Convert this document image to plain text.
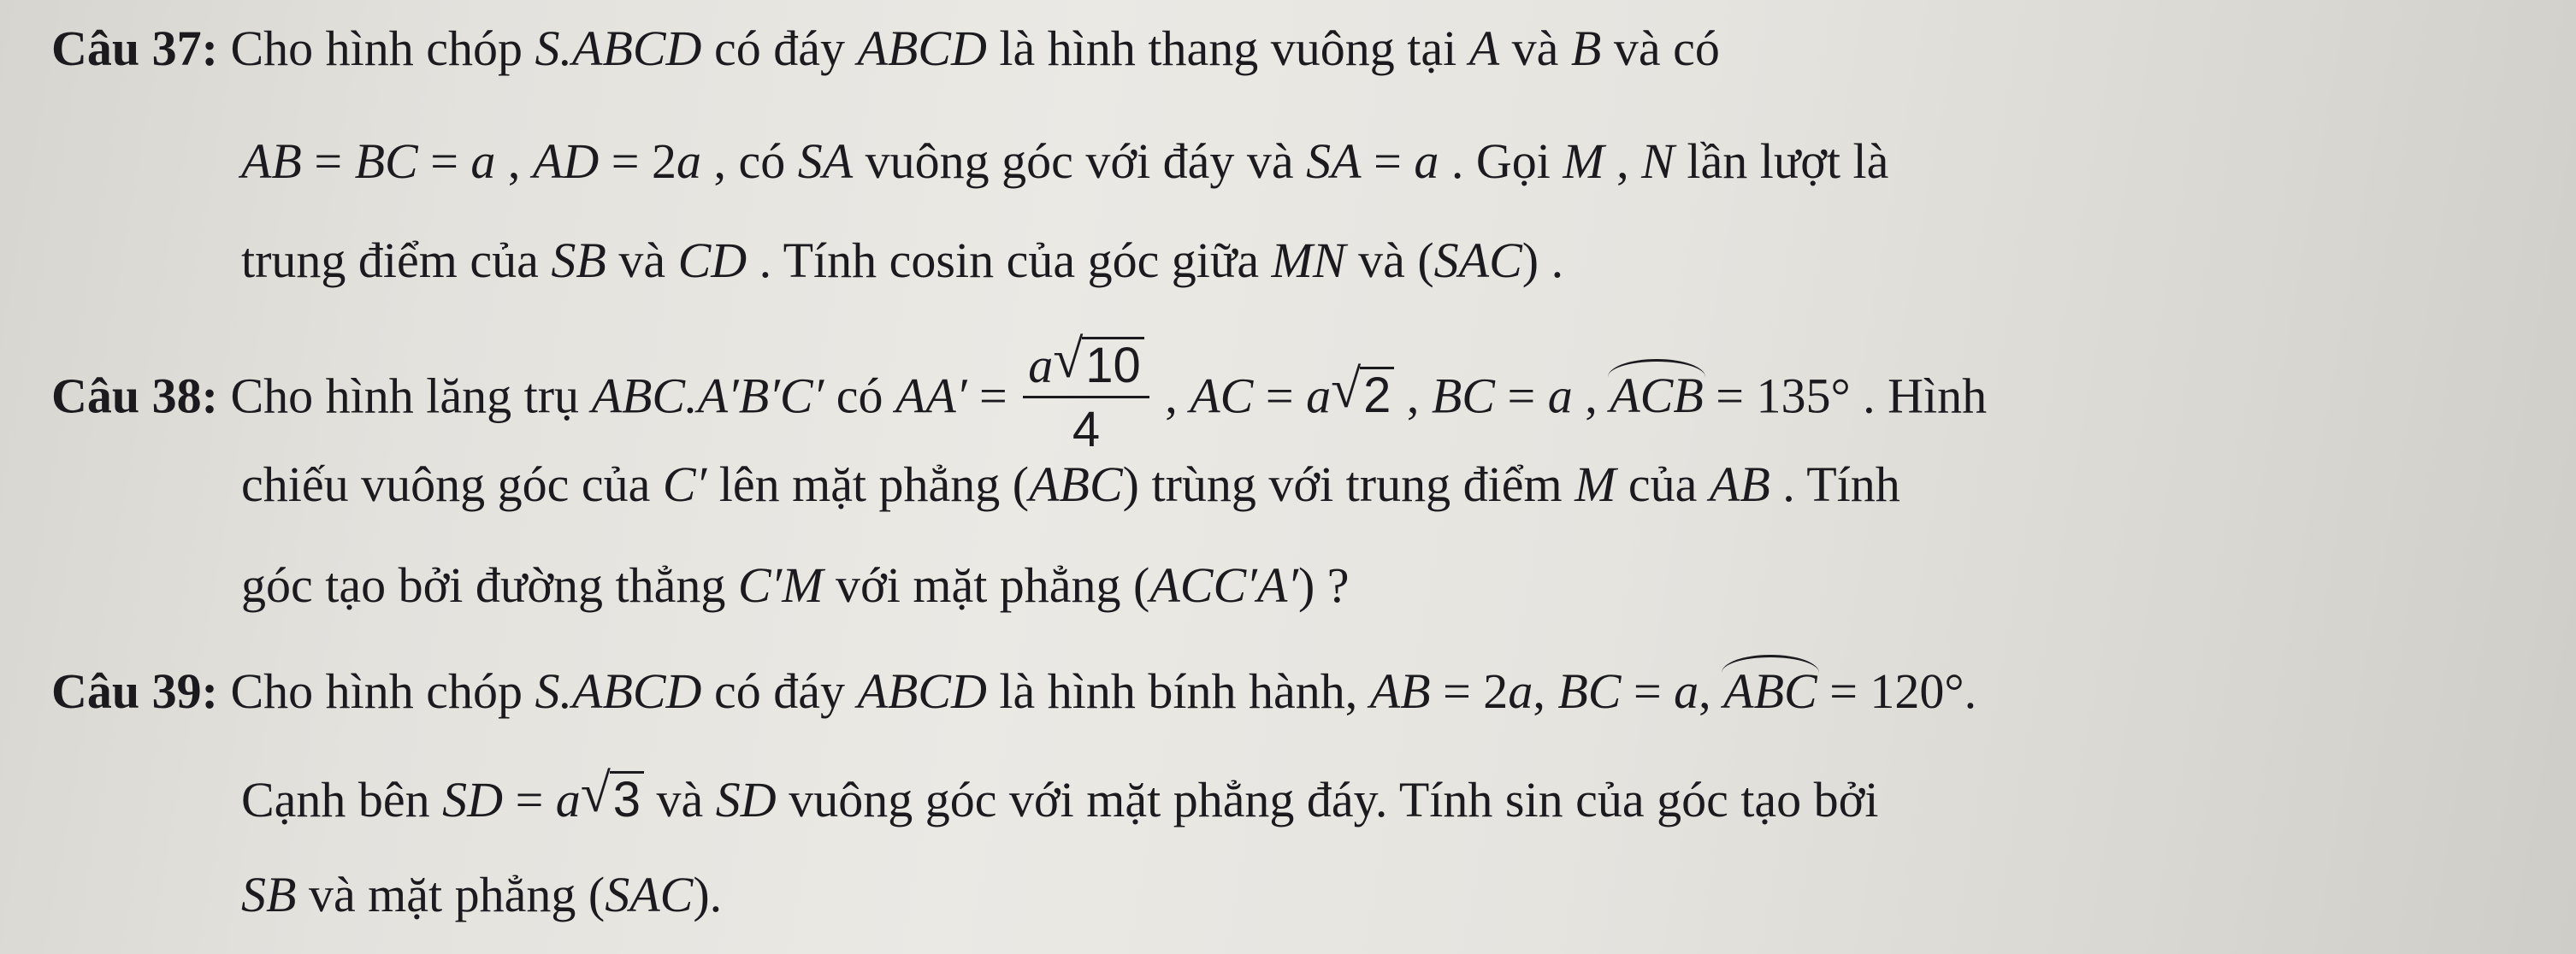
Câu 37: Cho hình chóp S.ABCD có đáy ABCD là hình thang vuông tại A và B và có
AB = BC = a , AD = 2a , có SA vuông góc với đáy và SA = a . Gọi M , N lần lượt là
trung điểm của SB và CD . Tính cosin của góc giữa MN và (SAC) .
Câu 38: Cho hình lăng trụ ABC.A′B′C′ có $AA' = \frac{a √ 10}{4}$ , AC = a √ 2 , BC = a , ACB = 135° . Hình
chiếu vuông góc của C′ lên mặt phẳng (ABC) trùng với trung điểm M của AB . Tính
góc tạo bởi đường thẳng C′M với mặt phẳng (ACC′A′) ?
Câu 39: Cho hình chóp S.ABCD có đáy ABCD là hình bính hành, AB = 2a, BC = a, ABC = 120°.
Cạnh bên SD = a √ 3 và SD vuông góc với mặt phẳng đáy. Tính sin của góc tạo bởi
SB và mặt phẳng (SAC).
